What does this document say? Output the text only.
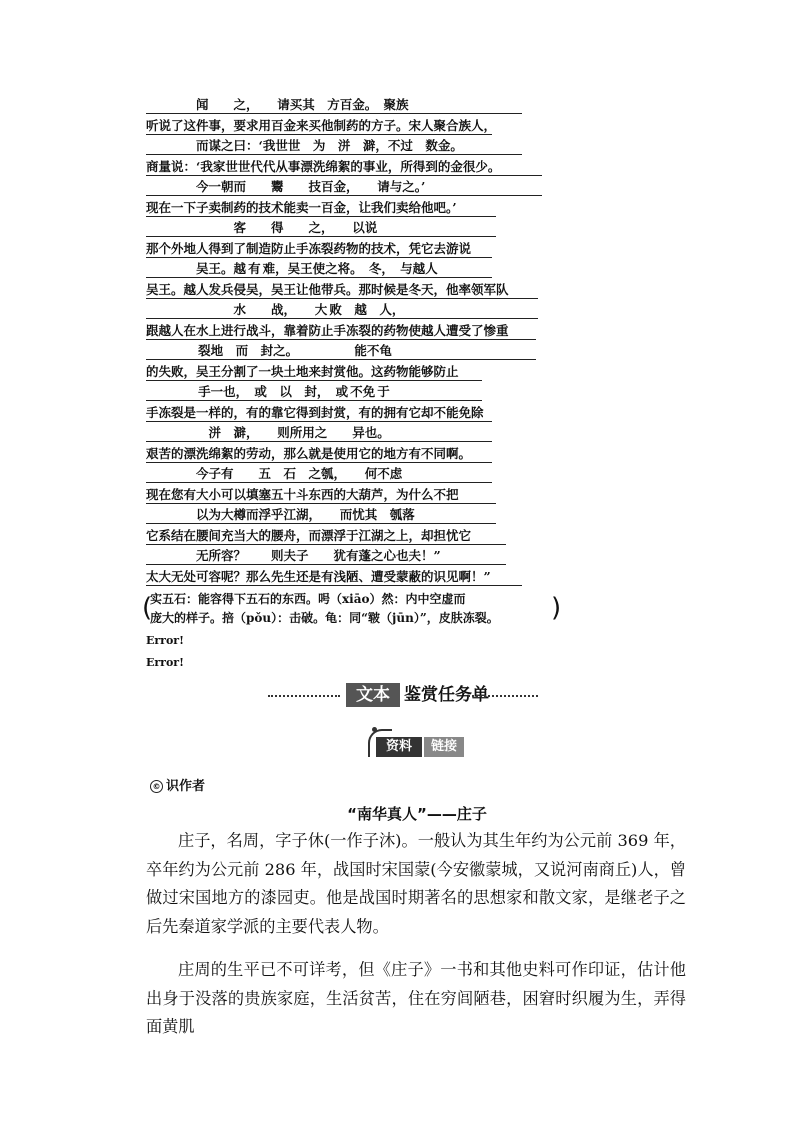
闻　　之，　　请买其　方百金。　聚族
听说了这件事，要求用百金来买他制药的方子。宋人聚合族人，
而谋之曰：‘我世世　为　洴　澼，不过　数金。
商量说：‘我家世世代代从事漂洗绵絮的事业，所得到的金很少。
今一朝而　　鬻　　技百金，　　请与之。’
现在一下子卖制药的技术能卖一百金，让我们卖给他吧。’
　　　客　　得　　之，　　以说
那个外地人得到了制造防止手冻裂药物的技术，凭它去游说
吴王。越 有 难，吴王使之将。　冬，　与越人
吴王。越人发兵侵吴，吴王让他带兵。那时候是冬天，他率领军队
　　　水　　战，　　大 败　越　人，
跟越人在水上进行战斗，靠着防止手冻裂的药物使越人遭受了惨重
 裂地　而　封之。　　　　　能不龟
的失败，吴王分割了一块土地来封赏他。这药物能够防止
 手一也，　或　以　封，　或 不免 于
手冻裂是一样的，有的靠它得到封赏，有的拥有它却不能免除
　洴　澼，　　则所用之　　异也。
艰苦的漂洗绵絮的劳动，那么就是使用它的地方有不同啊。
今子有　　五　石　之瓠，　　何不虑
现在您有大小可以填塞五十斗东西的大葫芦，为什么不把
以为大樽而浮乎江湖，　　而忧其　瓠落
它系结在腰间充当大的腰舟，而漂浮于江湖之上，却担忧它
无所容？　　则夫子　　犹有蓬之心也夫！”
太大无处可容呢？那么先生还是有浅陋、遭受蒙蔽的识见啊！”
(
实五石：能容得下五石的东西。呺（xiāo）然：内中空虚而
庞大的样子。掊（pǒu）：击破。龟：同“皲（jūn）”，皮肤冻裂。 )
Error!
Error!
文本 鉴赏任务单
资料	链接
© 识作者
“南华真人”——庄子
庄子，名周，字子休(一作子沐)。一般认为其生年约为公元前 369 年，卒年约为公元前 286 年，战国时宋国蒙(今安徽蒙城，又说河南商丘)人，曾做过宋国地方的漆园吏。他是战国时期著名的思想家和散文家，是继老子之后先秦道家学派的主要代表人物。
庄周的生平已不可详考，但《庄子》一书和其他史料可作印证，估计他出身于没落的贵族家庭，生活贫苦，住在穷闾陋巷，困窘时织履为生，弄得面黄肌
